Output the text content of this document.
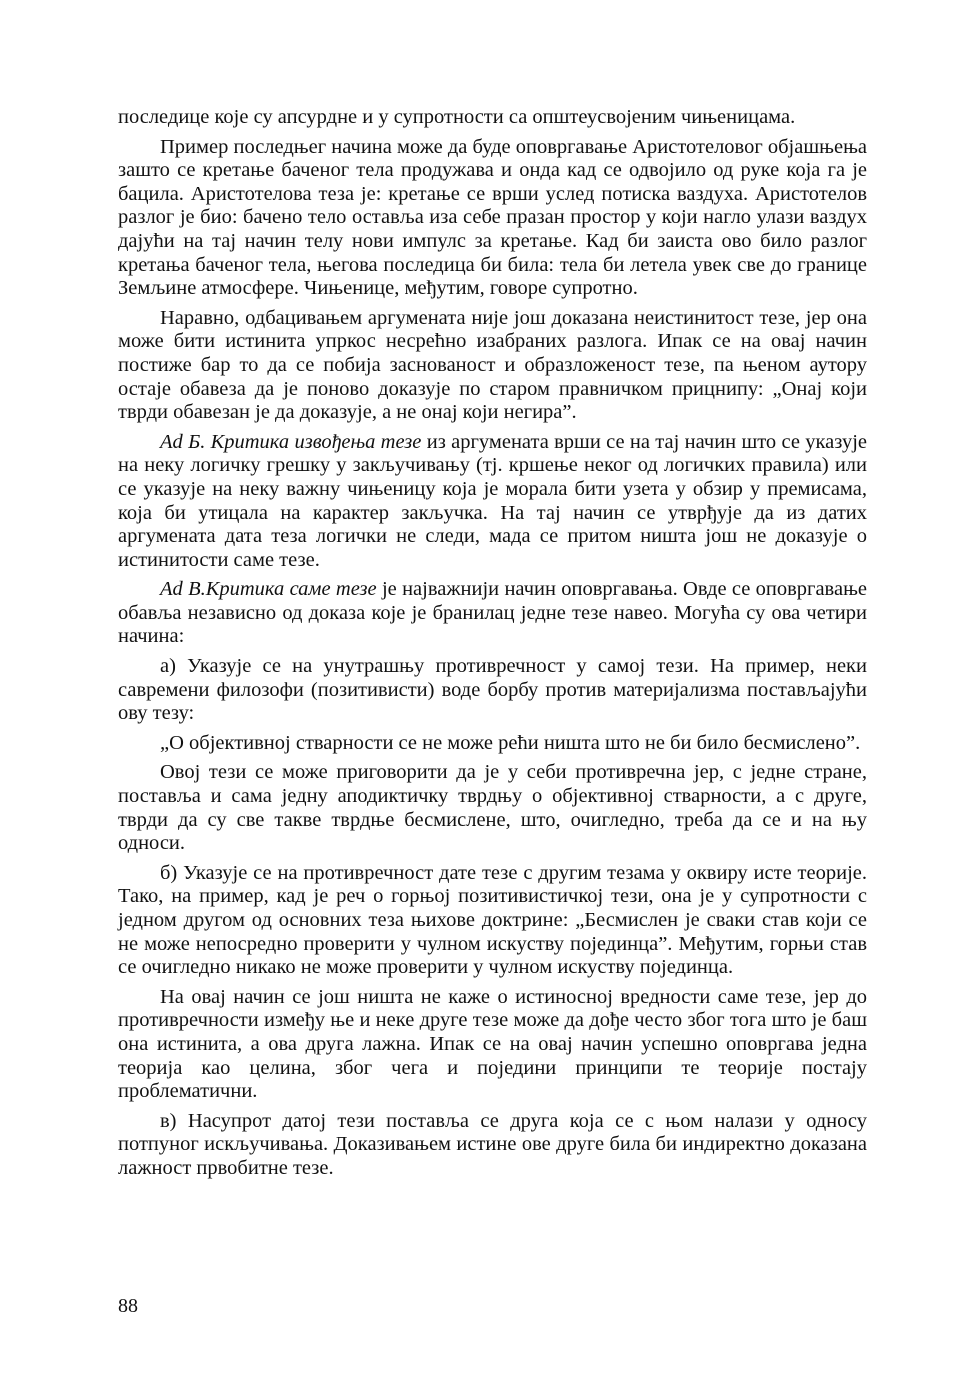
последице које су апсурдне и у супротности са општеусвојеним чињеницама.

Пример последњег начина може да буде оповргавање Аристотеловог објашњења зашто се кретање баченог тела продужава и онда кад се одвојило од руке која га је бацила. Аристотелова теза је: кретање се врши услед потиска ваздуха. Аристотелов разлог је био: бачено тело оставља иза себе празан простор у који нагло улази ваздух дајући на тај начин телу нови импулс за кретање. Кад би заиста ово било разлог кретања баченог тела, његова последица би била: тела би летела увек све до границе Земљине атмосфере. Чињенице, међутим, говоре супротно.

Наравно, одбацивањем аргумената није још доказана неистинитост тезе, јер она може бити истинита упркос несрећно изабраних разлога. Ипак се на овај начин постиже бар то да се побија заснованост и образложеност тезе, па њеном аутору остаје обавеза да је поново доказује по старом правничком прицнипу: „Онај који тврди обавезан је да доказује, а не онај који негира”.

Ad Б. Критика извођења тезе из аргумената врши се на тај начин што се указује на неку логичку грешку у закључивању (тј. кршење неког од логичких правила) или се указује на неку важну чињеницу која је морала бити узета у обзир у премисама, која би утицала на карактер закључка. На тај начин се утврђује да из датих аргумената дата теза логички не следи, мада се притом ништа још не доказује о истинитости саме тезе.

Ad В.Критика саме тезе је најважнији начин оповргавања. Овде се оповргавање обавља независно од доказа које је бранилац једне тезе навео. Могућа су ова четири начина:

а) Указује се на унутрашњу противречност у самој тези. На пример, неки савремени филозофи (позитивисти) воде борбу против материјализма постављајући ову тезу:

„О објективној стварности се не може рећи ништа што не би било бесмислено”.

Овој тези се може приговорити да је у себи противречна јер, с једне стране, поставља и сама једну аподиктичку тврдњу о објективној стварности, а с друге, тврди да су све такве тврдње бесмислене, што, очигледно, треба да се и на њу односи.

б) Указује се на противречност дате тезе с другим тезама у оквиру исте теорије. Тако, на пример, кад је реч о горњој позитивистичкој тези, она је у супротности с једном другом од основних теза њихове доктрине: „Бесмислен је сваки став који се не може непосредно проверити у чулном искуству појединца”. Међутим, горњи став се очигледно никако не може проверити у чулном искуству појединца.

На овај начин се још ништа не каже о истиносној вредности саме тезе, јер до противречности између ње и неке друге тезе може да дође често због тога што је баш она истинита, а ова друга лажна. Ипак се на овај начин успешно оповргава једна теорија као целина, због чега и поједини принципи те теорије постају проблематични.

в) Насупрот датој тези поставља се друга која се с њом налази у односу потпуног искључивања. Доказивањем истине ове друге била би индиректно доказана лажност првобитне тезе.

88
